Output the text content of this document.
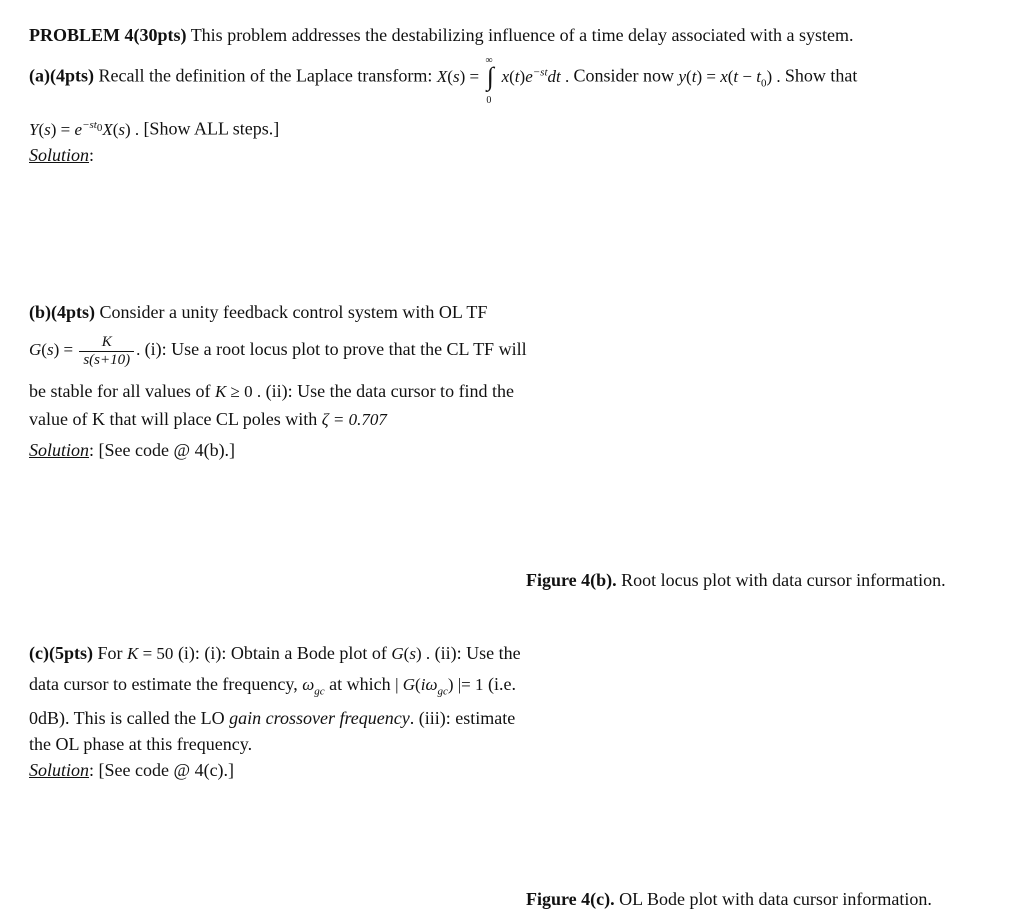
PROBLEM 4(30pts) This problem addresses the destabilizing influence of a time delay associated with a system.
(a)(4pts) Recall the definition of the Laplace transform: X(s) = ∫
∞
0
$x(t)e^{-st}dt$ . Consider now $y(t) = x(t - t_0)$ . Show that
$Y(s) = e^{-st_0}X(s)$ . [Show ALL steps.]
Solution:
(b)(4pts) Consider a unity feedback control system with OL TF
$G(s) = \frac{K}{s(s+10)}$ . (i): Use a root locus plot to prove that the CL TF will
be stable for all values of K ≥ 0 . (ii): Use the data cursor to find the
value of K that will place CL poles with ζ = 0.707
Solution: [See code @ 4(b).]
Figure 4(b). Root locus plot with data cursor information.
(c)(5pts) For K = 50 (i): (i): Obtain a Bode plot of G(s) . (ii): Use the
data cursor to estimate the frequency, $\omega_{gc}$ at which | $G(i\omega_{gc})$ |= 1 (i.e.
0dB). This is called the LO gain crossover frequency. (iii): estimate
the OL phase at this frequency.
Solution: [See code @ 4(c).]
Figure 4(c). OL Bode plot with data cursor information.
